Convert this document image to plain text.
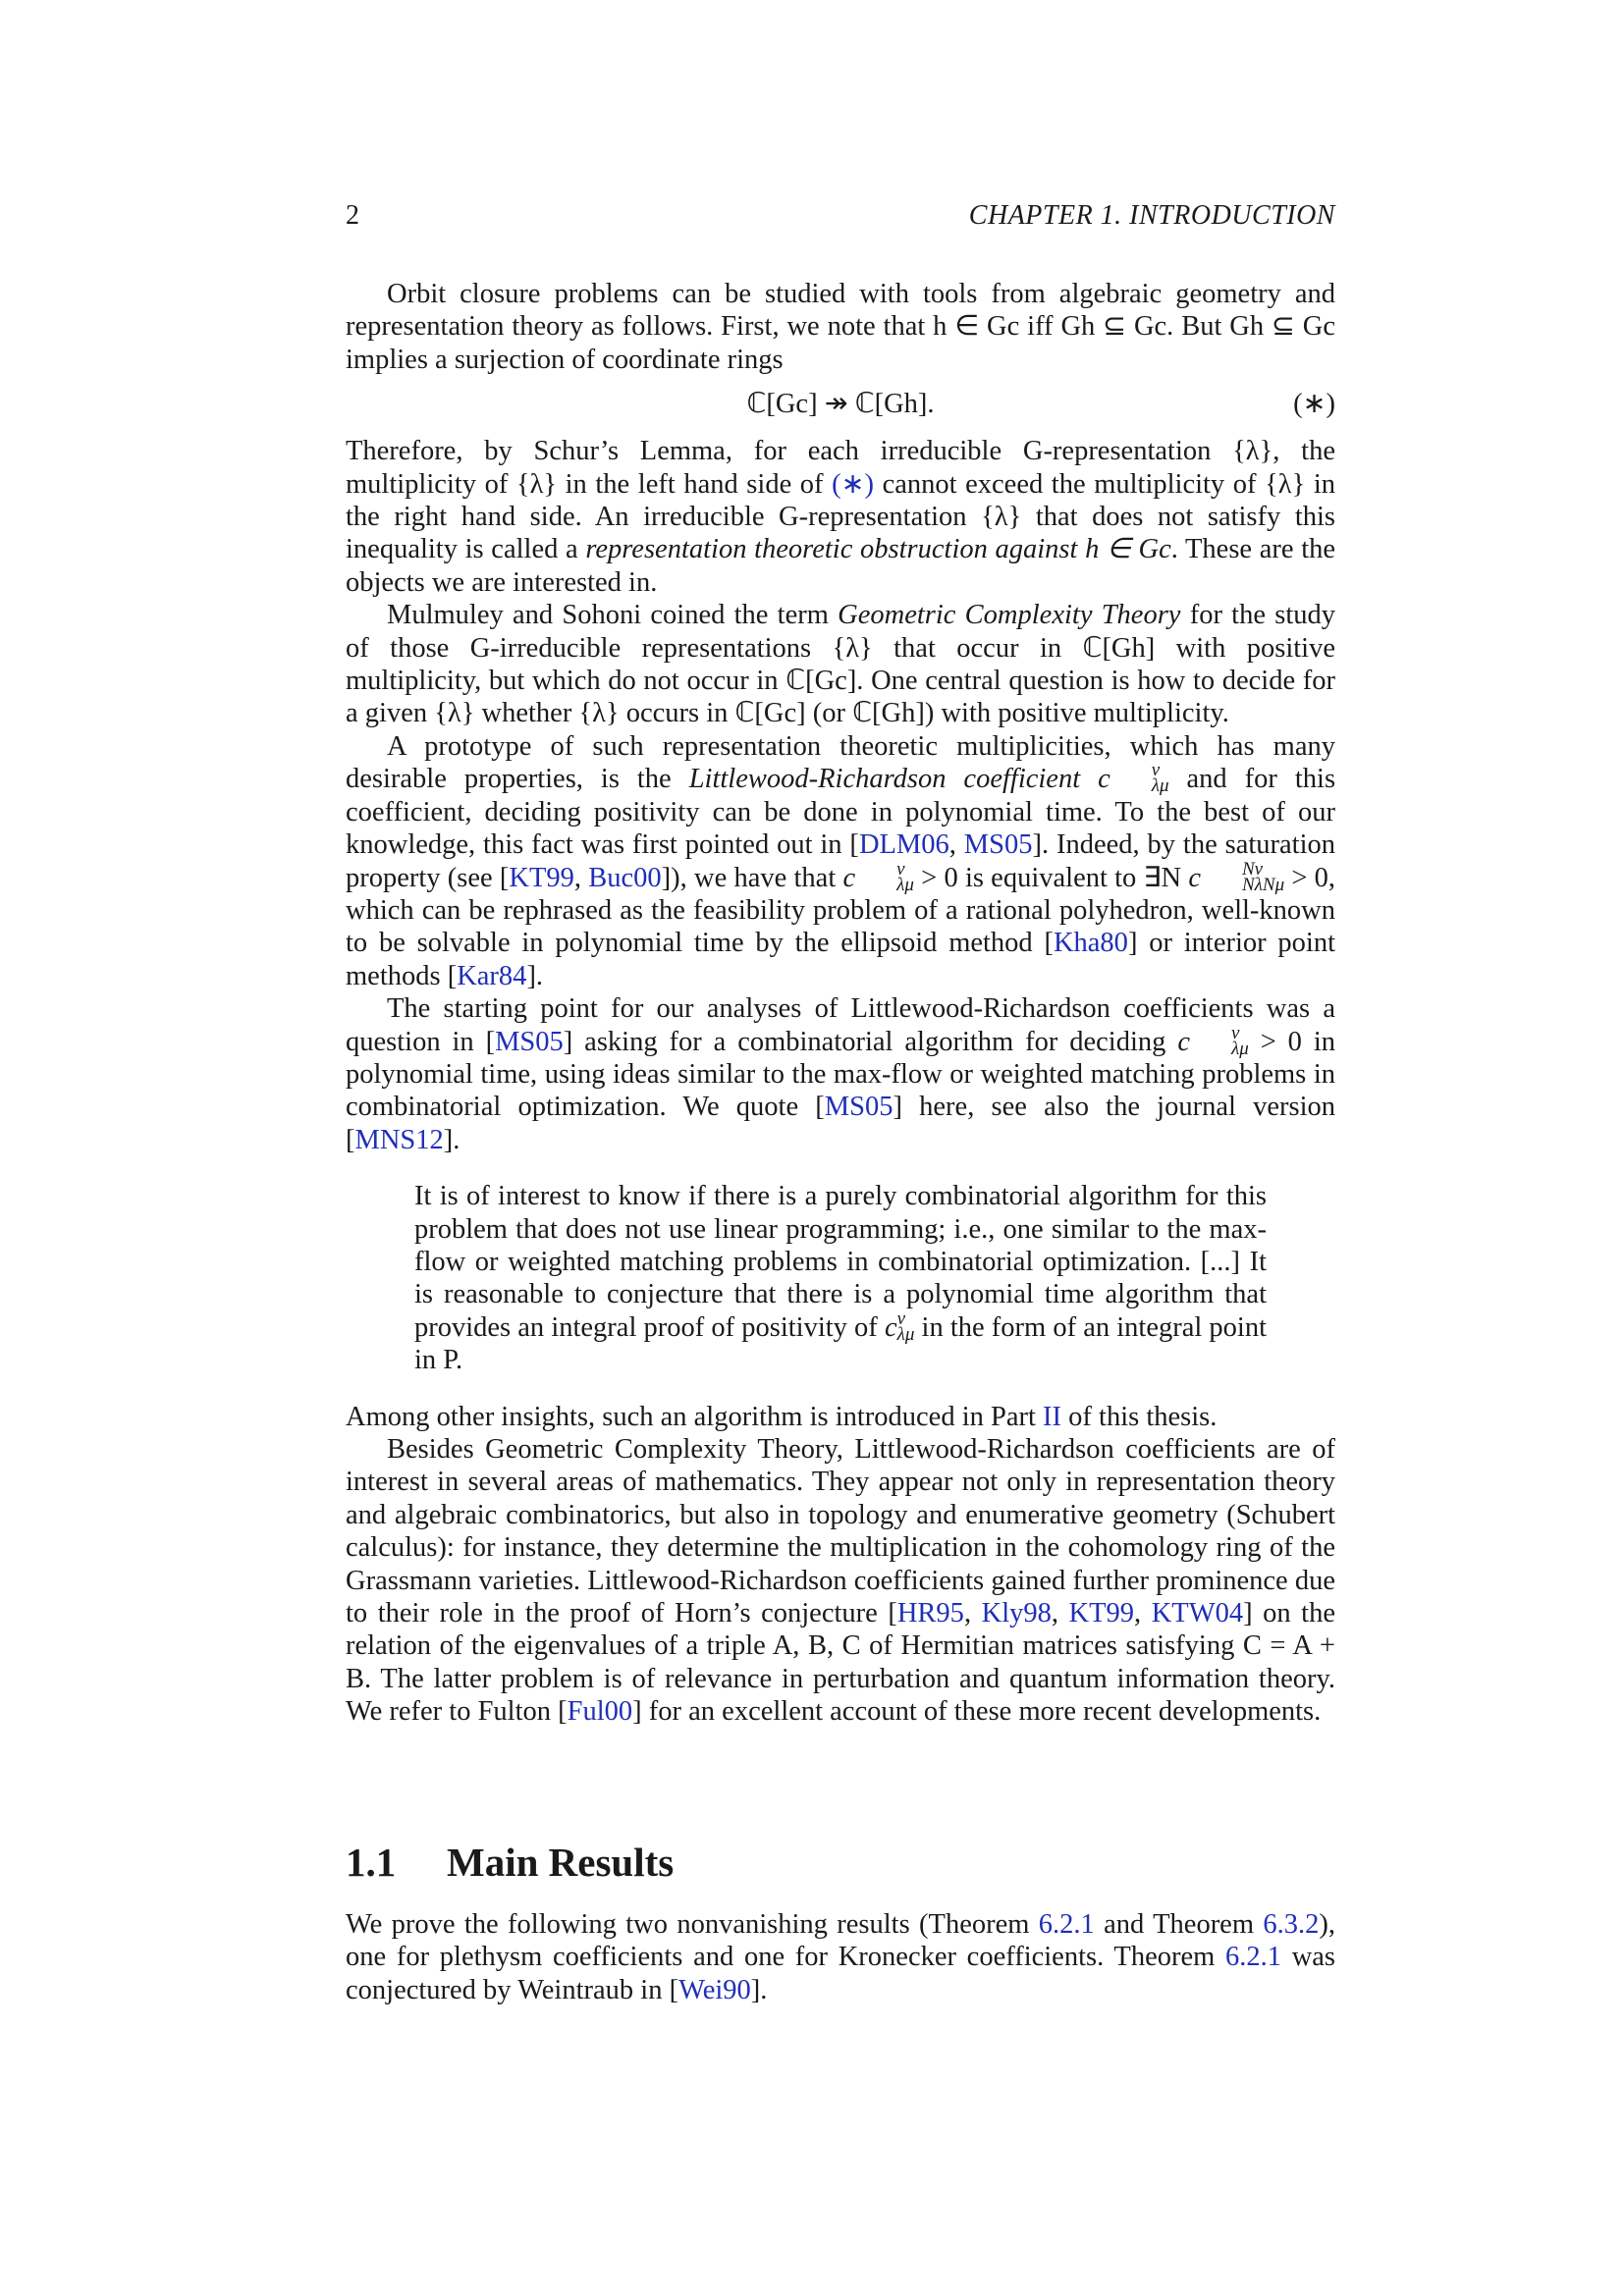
2	CHAPTER 1. INTRODUCTION

Orbit closure problems can be studied with tools from algebraic geometry and representation theory as follows. First, we note that h ∈ Gc iff Gh ⊆ Gc. But Gh ⊆ Gc implies a surjection of coordinate rings

ℂ[Gc] ↠ ℂ[Gh].	(∗)

Therefore, by Schur’s Lemma, for each irreducible G-representation {λ}, the multiplicity of {λ} in the left hand side of (∗) cannot exceed the multiplicity of {λ} in the right hand side. An irreducible G-representation {λ} that does not satisfy this inequality is called a representation theoretic obstruction against h ∈ Gc. These are the objects we are interested in.

Mulmuley and Sohoni coined the term Geometric Complexity Theory for the study of those G-irreducible representations {λ} that occur in ℂ[Gh] with positive multiplicity, but which do not occur in ℂ[Gc]. One central question is how to decide for a given {λ} whether {λ} occurs in ℂ[Gc] (or ℂ[Gh]) with positive multiplicity.

A prototype of such representation theoretic multiplicities, which has many desirable properties, is the Littlewood-Richardson coefficient c	ν
λμ and for this coefficient, deciding positivity can be done in polynomial time. To the best of our knowledge, this fact was first pointed out in [DLM06, MS05]. Indeed, by the saturation property (see [KT99, Buc00]), we have that c	ν
λμ > 0 is equivalent to ∃N c	Nν
NλNμ > 0, which can be rephrased as the feasibility problem of a rational polyhedron, well-known to be solvable in polynomial time by the ellipsoid method [Kha80] or interior point methods [Kar84].

The starting point for our analyses of Littlewood-Richardson coefficients was a question in [MS05] asking for a combinatorial algorithm for deciding c	ν
λμ > 0 in polynomial time, using ideas similar to the max-flow or weighted matching problems in combinatorial optimization. We quote [MS05] here, see also the journal version [MNS12].

It is of interest to know if there is a purely combinatorial algorithm for this problem that does not use linear programming; i.e., one similar to the max-flow or weighted matching problems in combinatorial optimization. [...] It is reasonable to conjecture that there is a polynomial time algorithm that provides an integral proof of positivity of c ν
λμ in the form of an integral point in P.

Among other insights, such an algorithm is introduced in Part II of this thesis.

Besides Geometric Complexity Theory, Littlewood-Richardson coefficients are of interest in several areas of mathematics. They appear not only in representation theory and algebraic combinatorics, but also in topology and enumerative geometry (Schubert calculus): for instance, they determine the multiplication in the cohomology ring of the Grassmann varieties. Littlewood-Richardson coefficients gained further prominence due to their role in the proof of Horn’s conjecture [HR95, Kly98, KT99, KTW04] on the relation of the eigenvalues of a triple A, B, C of Hermitian matrices satisfying C = A + B. The latter problem is of relevance in perturbation and quantum information theory. We refer to Fulton [Ful00] for an excellent account of these more recent developments.

1.1 Main Results

We prove the following two nonvanishing results (Theorem 6.2.1 and Theorem 6.3.2), one for plethysm coefficients and one for Kronecker coefficients. Theorem 6.2.1 was conjectured by Weintraub in [Wei90].
